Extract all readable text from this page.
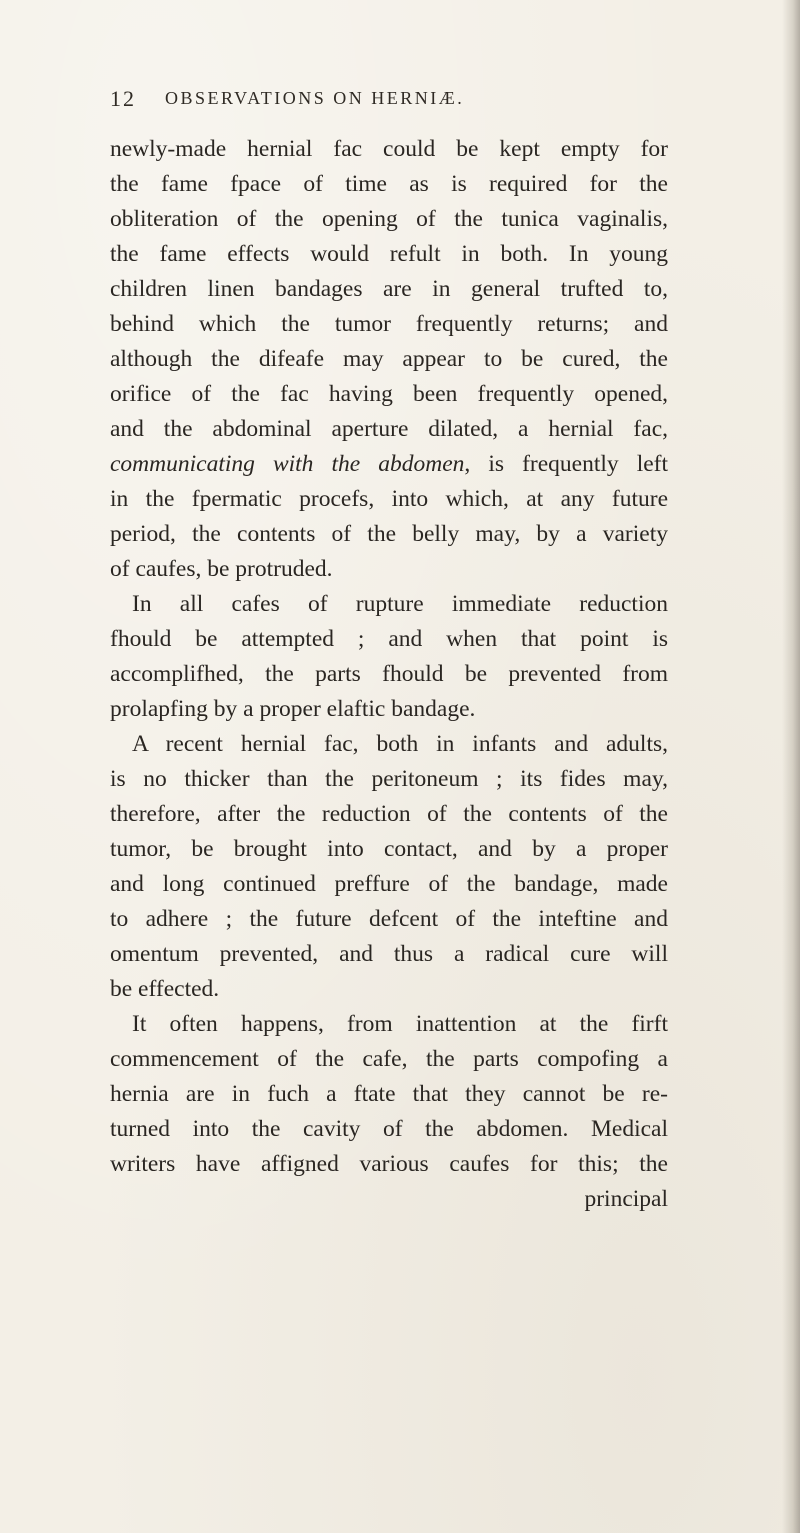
12 OBSERVATIONS ON HERNIÆ.
newly-made hernial fac could be kept empty for
the fame fpace of time as is required for the
obliteration of the opening of the tunica vaginalis,
the fame effects would refult in both. In young
children linen bandages are in general trufted to,
behind which the tumor frequently returns; and
although the difeafe may appear to be cured, the
orifice of the fac having been frequently opened,
and the abdominal aperture dilated, a hernial fac,
communicating with the abdomen, is frequently left
in the fpermatic procefs, into which, at any future
period, the contents of the belly may, by a variety
of caufes, be protruded.
In all cafes of rupture immediate reduction
fhould be attempted ; and when that point is
accomplifhed, the parts fhould be prevented from
prolapfing by a proper elaftic bandage.
A recent hernial fac, both in infants and adults,
is no thicker than the peritoneum ; its fides may,
therefore, after the reduction of the contents of the
tumor, be brought into contact, and by a proper
and long continued preffure of the bandage, made
to adhere ; the future defcent of the inteftine and
omentum prevented, and thus a radical cure will
be effected.
It often happens, from inattention at the firft
commencement of the cafe, the parts compofing a
hernia are in fuch a ftate that they cannot be re-
turned into the cavity of the abdomen. Medical
writers have affigned various caufes for this; the
principal
